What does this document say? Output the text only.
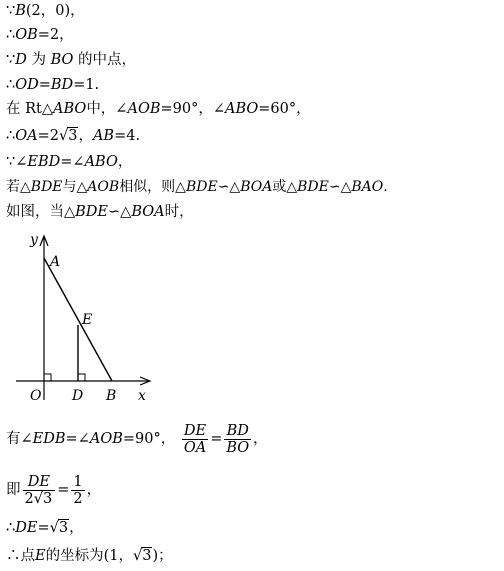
∵B(2，0)，
∴OB=2，
∵D 为 BO 的中点，
∴OD=BD=1.
在 Rt△ABO中，∠AOB=90°，∠ABO=60°，
∴OA=2√3，AB=4.
∵∠EBD=∠ABO，
若△BDE与△AOB相似，则△BDE∽△BOA或△BDE∽△BAO.
如图，当△BDE∽△BOA时，
y
A
E
O D B x
有∠EDB=∠AOB=90°， $\frac{DE}{OA} = \frac{BD}{BO}$ ，
即 $\frac{DE}{2√3} = \frac{1}{2}$ ，
∴DE=√3，
∴点E的坐标为(1，√3)；
